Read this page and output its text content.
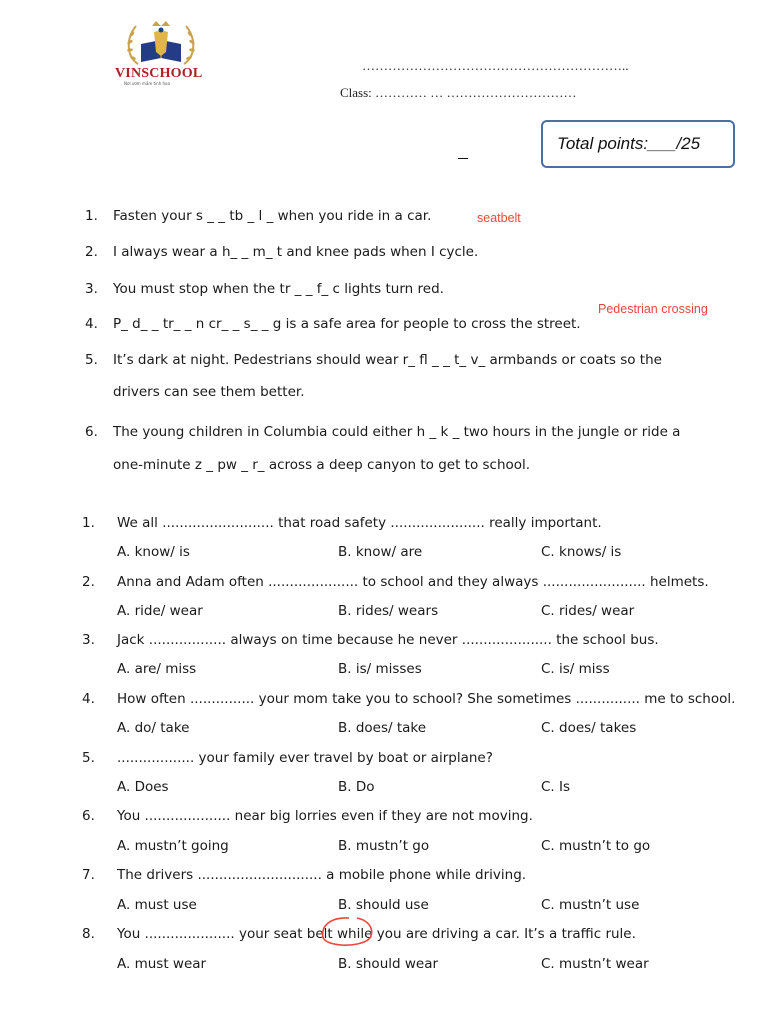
VINSCHOOL
Nơi ươm mầm tinh hoa
……………………………………………………..
Class: ………… … …………………………
Total points:___/25
1. Fasten your s _ _ tb _ l _ when you ride in a car.
2. I always wear a h_ _ m_ t and knee pads when I cycle.
3. You must stop when the tr _ _ f_ c lights turn red.
4. P_ d_ _ tr_ _ n cr_ _ s_ _ g is a safe area for people to cross the street.
5. It’s dark at night. Pedestrians should wear r_ fl _ _ t_ v_ armbands or coats so the
drivers can see them better.
6. The young children in Columbia could either h _ k _ two hours in the jungle or ride a
one-minute z _ pw _ r_ across a deep canyon to get to school.
seatbelt
Pedestrian crossing
1. We all .......................... that road safety ...................... really important.
A. know/ is	B. know/ are	C. knows/ is
2. Anna and Adam often ..................... to school and they always ........................ helmets.
A. ride/ wear	B. rides/ wears	C. rides/ wear
3. Jack .................. always on time because he never ..................... the school bus.
A. are/ miss	B. is/ misses	C. is/ miss
4. How often ............... your mom take you to school? She sometimes ............... me to school.
A. do/ take	B. does/ take	C. does/ takes
5. .................. your family ever travel by boat or airplane?
A. Does	B. Do	C. Is
6. You .................... near big lorries even if they are not moving.
A. mustn’t going	B. mustn’t go	C. mustn’t to go
7. The drivers ............................. a mobile phone while driving.
A. must use	B. should use	C. mustn’t use
8. You ..................... your seat belt while you are driving a car. It’s a traffic rule.
A. must wear	B. should wear	C. mustn’t wear
